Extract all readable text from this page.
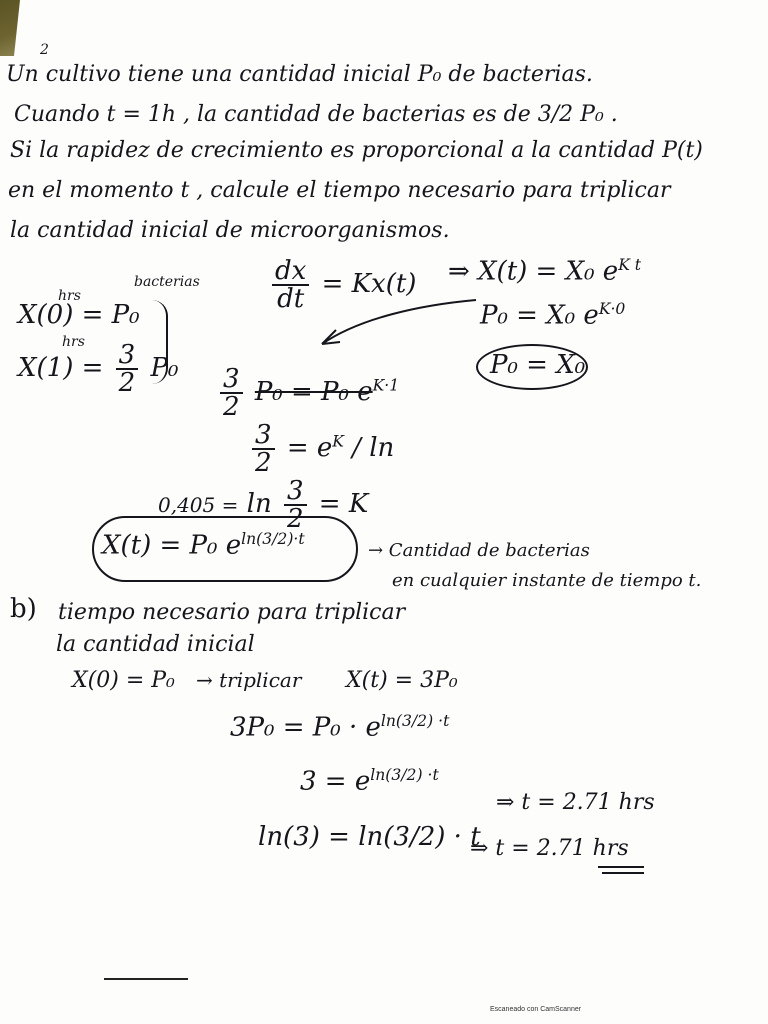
2
Un cultivo tiene una cantidad inicial P₀ de bacterias.
Cuando t = 1h , la cantidad de bacterias es de 3/2 P₀ .
Si la rapidez de crecimiento es proporcional a la cantidad P(t)
en el momento t , calcule el tiempo necesario para triplicar
la cantidad inicial de microorganismos.
hrs
bacterias
X(0) = P₀
hrs
$X(1) = \frac{3}{2} P_0$
$\frac{dx}{dt} = Kx(t)$ ⇒ X(t) = X₀ $e^{K t}$
P₀ = X₀ $e^{K\cdot 0}$
P₀ = X₀
$\frac{3}{2} P_0 = P_0$ $e^{K\cdot 1}$
$\frac{3}{2} = e^K / \ln$
$0,405 = \ln \frac{3}{2} = K$
X(t) = P₀ $e^{ln(3/2)\cdot t}$
→ Cantidad de bacterias
en cualquier instante de tiempo t.
b) tiempo necesario para triplicar
la cantidad inicial
X(0) = P₀ → triplicar X(t) = 3P₀
$3P_0 = P_0 \cdot e^{ln(3/2) \cdot t}$
$3 = e^{ln(3/2) \cdot t}$
ln(3) = ln(3/2) · t
⇒ t = 2.71 hrs
⇒ t = 2.71 hrs
Escaneado con CamScanner
